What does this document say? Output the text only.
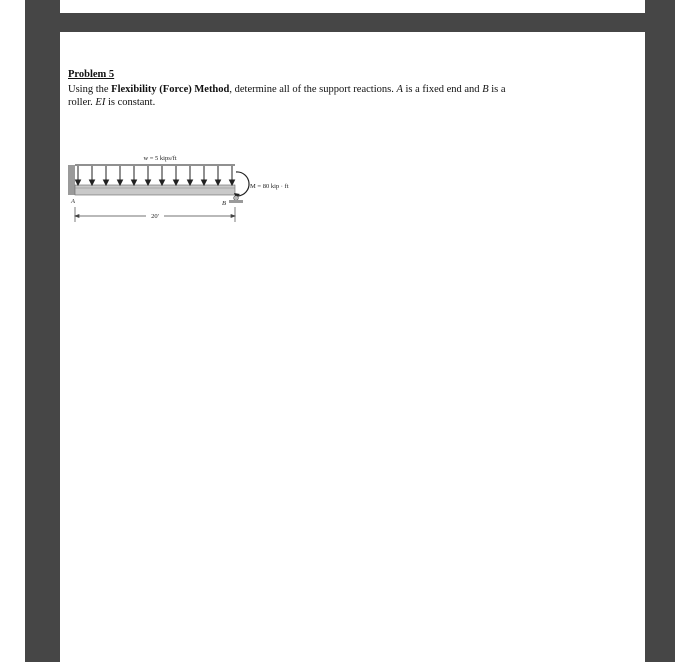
Problem 5
Using the Flexibility (Force) Method, determine all of the support reactions. A is a fixed end and B is a roller. EI is constant.
w = 5 kips/ft
M = 80 kip · ft
A	B
20'
